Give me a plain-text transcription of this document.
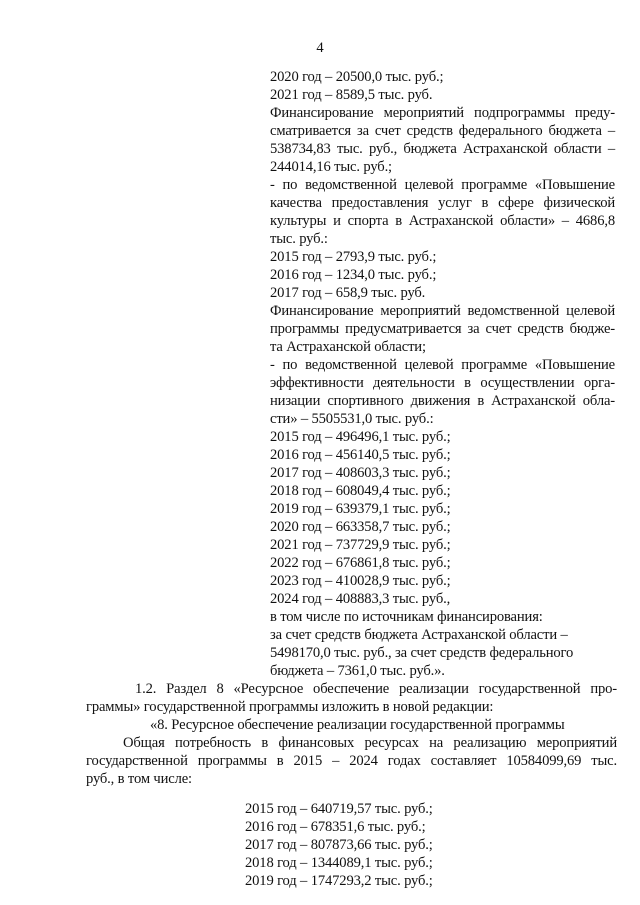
4
2020 год – 20500,0 тыс. руб.;
2021 год – 8589,5 тыс. руб.
Финансирование мероприятий подпрограммы преду-
сматривается за счет средств федерального бюджета –
538734,83 тыс. руб., бюджета Астраханской области –
244014,16 тыс. руб.;
- по ведомственной целевой программе «Повышение
качества предоставления услуг в сфере физической
культуры и спорта в Астраханской области» – 4686,8
тыс. руб.:
2015 год – 2793,9 тыс. руб.;
2016 год – 1234,0 тыс. руб.;
2017 год – 658,9 тыс. руб.
Финансирование мероприятий ведомственной целевой
программы предусматривается за счет средств бюдже-
та Астраханской области;
- по ведомственной целевой программе «Повышение
эффективности деятельности в осуществлении орга-
низации спортивного движения в Астраханской обла-
сти» – 5505531,0 тыс. руб.:
2015 год – 496496,1 тыс. руб.;
2016 год – 456140,5 тыс. руб.;
2017 год – 408603,3 тыс. руб.;
2018 год – 608049,4 тыс. руб.;
2019 год – 639379,1 тыс. руб.;
2020 год – 663358,7 тыс. руб.;
2021 год – 737729,9 тыс. руб.;
2022 год – 676861,8 тыс. руб.;
2023 год – 410028,9 тыс. руб.;
2024 год – 408883,3 тыс. руб.,
в том числе по источникам финансирования:
за счет средств бюджета Астраханской области –
5498170,0 тыс. руб., за счет средств федерального
бюджета – 7361,0 тыс. руб.».
1.2. Раздел 8 «Ресурсное обеспечение реализации государственной про-
граммы» государственной программы изложить в новой редакции:
«8. Ресурсное обеспечение реализации государственной программы
Общая потребность в финансовых ресурсах на реализацию мероприятий
государственной программы в 2015 – 2024 годах составляет 10584099,69 тыс.
руб., в том числе:
2015 год – 640719,57 тыс. руб.;
2016 год – 678351,6 тыс. руб.;
2017 год – 807873,66 тыс. руб.;
2018 год – 1344089,1 тыс. руб.;
2019 год – 1747293,2 тыс. руб.;
